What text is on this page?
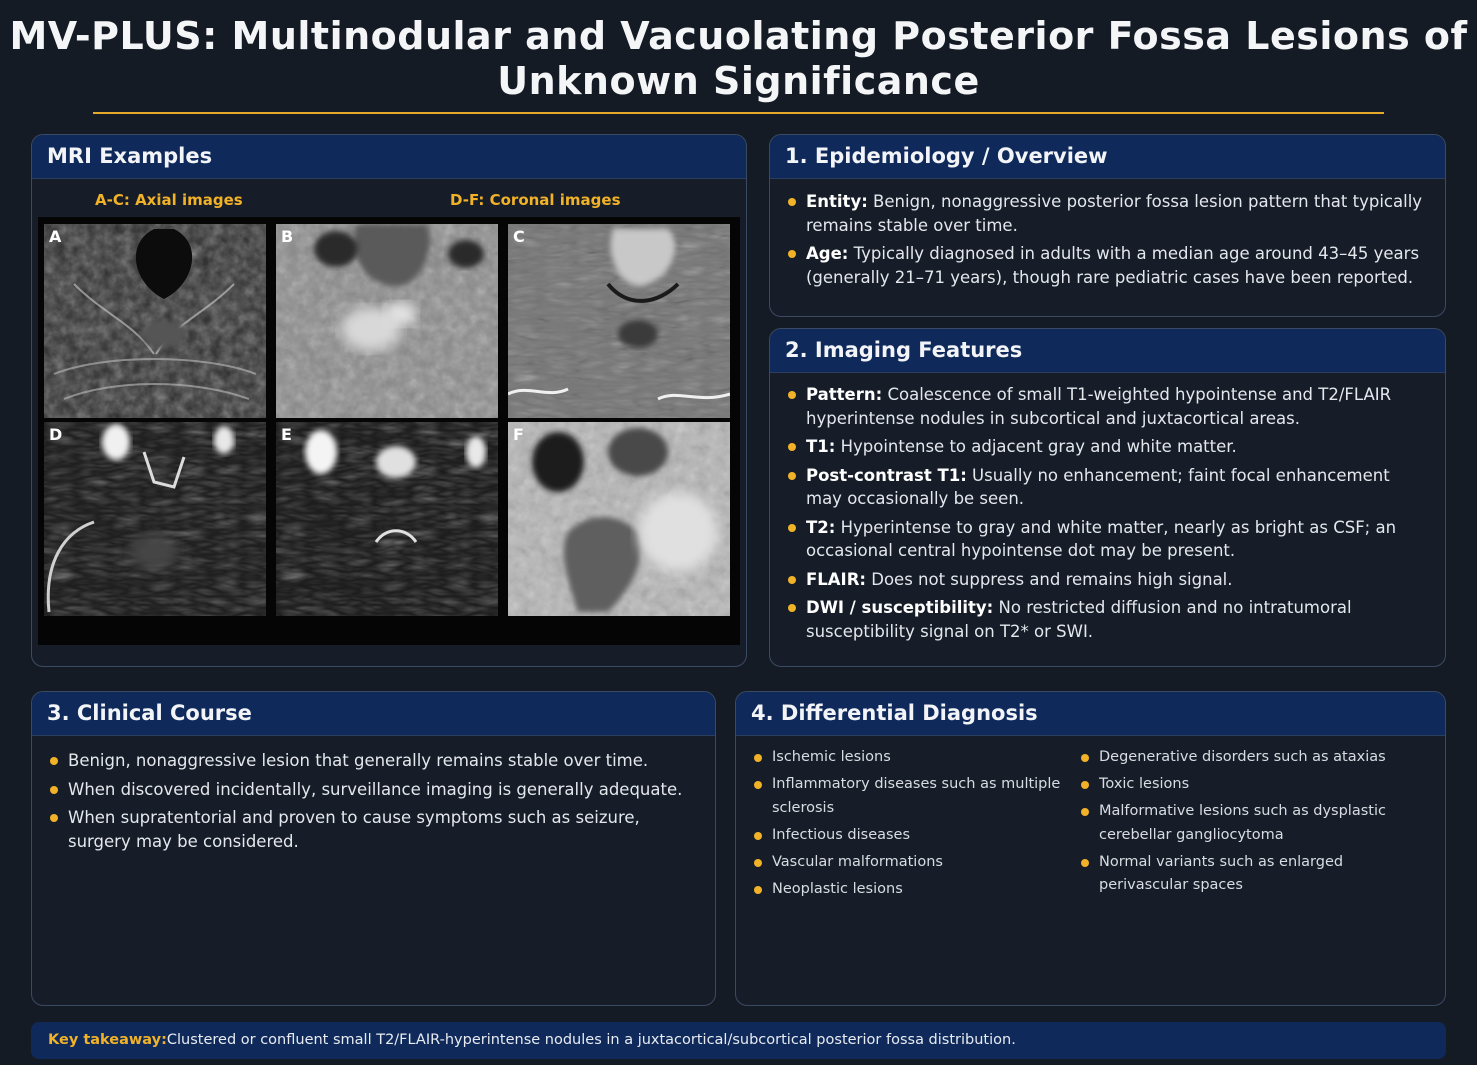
MV-PLUS: Multinodular and Vacuolating Posterior Fossa Lesions of Unknown Significance
MRI Examples
A-C: Axial images	D-F: Coronal images
A	B	C
D	E	F
1. Epidemiology / Overview
Entity: Benign, nonaggressive posterior fossa lesion pattern that typically remains stable over time.
Age: Typically diagnosed in adults with a median age around 43–45 years (generally 21–71 years), though rare pediatric cases have been reported.
2. Imaging Features
Pattern: Coalescence of small T1-weighted hypointense and T2/FLAIR hyperintense nodules in subcortical and juxtacortical areas.
T1: Hypointense to adjacent gray and white matter.
Post-contrast T1: Usually no enhancement; faint focal enhancement may occasionally be seen.
T2: Hyperintense to gray and white matter, nearly as bright as CSF; an occasional central hypointense dot may be present.
FLAIR: Does not suppress and remains high signal.
DWI / susceptibility: No restricted diffusion and no intratumoral susceptibility signal on T2* or SWI.
3. Clinical Course
Benign, nonaggressive lesion that generally remains stable over time.
When discovered incidentally, surveillance imaging is generally adequate.
When supratentorial and proven to cause symptoms such as seizure, surgery may be considered.
4. Differential Diagnosis
Ischemic lesions
Inflammatory diseases such as multiple sclerosis
Infectious diseases
Vascular malformations
Neoplastic lesions
Degenerative disorders such as ataxias
Toxic lesions
Malformative lesions such as dysplastic cerebellar gangliocytoma
Normal variants such as enlarged perivascular spaces
Key takeaway:Clustered or confluent small T2/FLAIR-hyperintense nodules in a juxtacortical/subcortical posterior fossa distribution.
